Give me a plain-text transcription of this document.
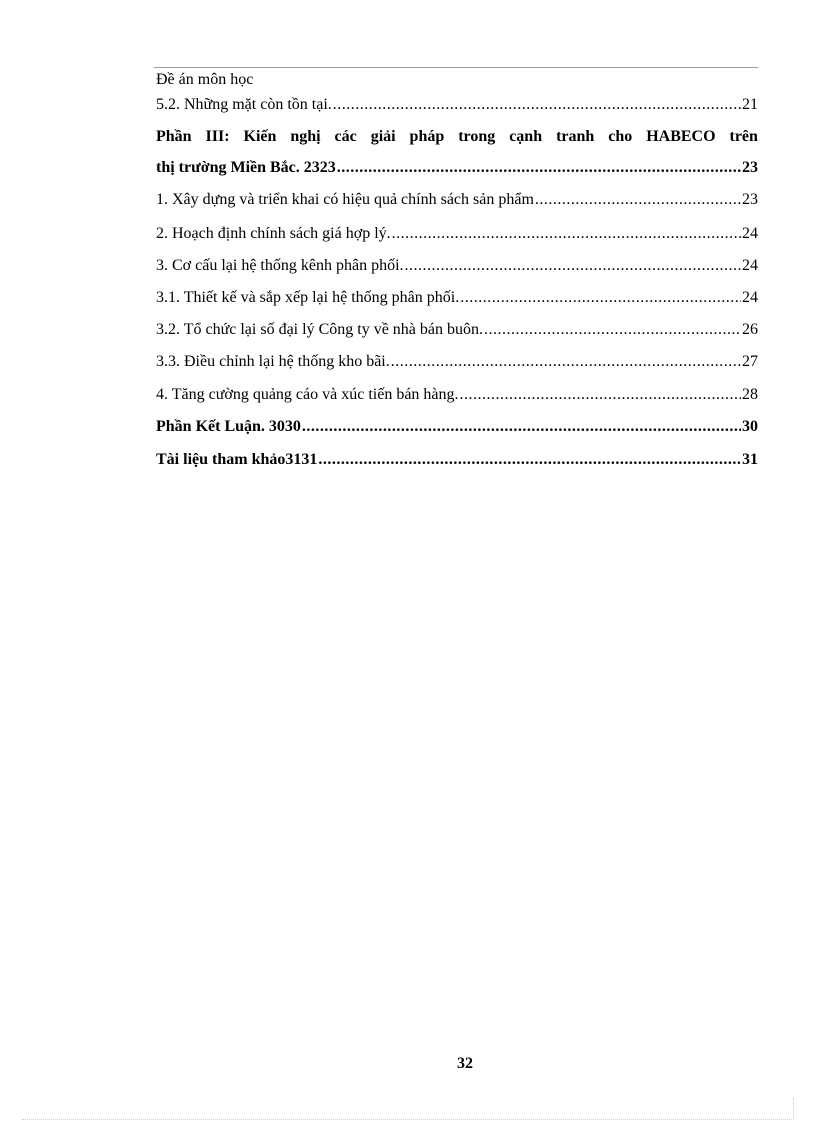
Đề án môn học
5.2. Những mặt còn tồn tại. .....	21
Phần III: Kiến nghị các giải pháp trong cạnh tranh cho HABECO trên
thị trường Miền Bắc. 2323 .....	23
1. Xây dựng và triển khai có hiệu quả chính sách sản phẩm .....	23
2. Hoạch định chính sách giá hợp lý. .....	24
3. Cơ cấu lại hệ thống kênh phân phối. .....	24
3.1. Thiết kế và sắp xếp lại hệ thống phân phối. .....	24
3.2. Tổ chức lại số đại lý Công ty về nhà bán buôn. .....	26
3.3. Điều chỉnh lại hệ thống kho bãi. .....	27
4. Tăng cường quảng cáo và xúc tiến bán hàng. .....	28
Phần Kết Luận. 3030 .....	30
Tài liệu tham khảo3131 .....	31
32
